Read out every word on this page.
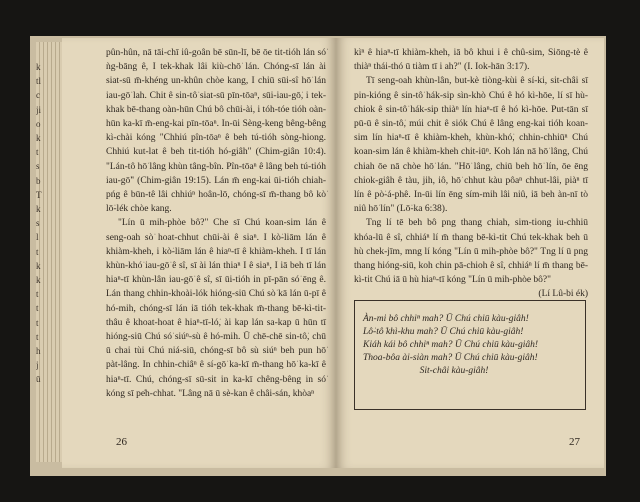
k
tl
c
ji
o
k
t
s
b
T
k
s
l
t
k
k
t
t
t
t
h
j
ū

pûn-hûn, nā tāi-chī iû-goân bē sūn-lī, bē ōe tit-tióh lán só͘ ǹg-bāng ê, I tek-khak lâi kiù-chō͘ lán. Chóng-sī lán ài siat-sū m̄-khéng un-khûn chòe kang, I chiū sūi-sî hō͘ lán iau-gō͘ lah. Chit ê sin-tô͘ siat-sū pīn-tōaⁿ, sūi-iau-gō͘, i tek-khak bē-thang oàn-hūn Chú bô chūi-ài, i tóh-tóe tióh oàn-hūn ka-kī m̄-eng-kai pīn-tōaⁿ. In-ūi Sèng-keng bêng-bêng kì-chài kóng "Chhiú pîn-tōaⁿ ê beh tú-tióh sòng-hiong. Chhiú kut-lat ê beh tit-tióh hó-giâh" (Chim-giân 10:4). "Lán-tô hō͘ lâng khùn tâng-bîn. Pîn-tōaⁿ ê lâng beh tú-tióh iau-gō͘" (Chim-giân 19:15). Lán m̄ eng-kai ūi-tióh chiah-pńg ê būn-tê lâi chhiúⁿ hoân-lō, chóng-sī m̄-thang bô kò͘ lō͘-lék chòe kang.

"Lín ū mih-phòe bô?" Che sī Chú koan-sim lán ê seng-oah sò͘ hoat-chhut chūi-ài ê siaⁿ. I kò͘-liām lán ê khiàm-kheh, i kò͘-liām lán ê hiaⁿ-tī ê khiàm-kheh. I tī lán khùn-khó͘ iau-gō͘ ê sî, sī ài lán thiaⁿ I ê siaⁿ, I iā beh tī lán hiaⁿ-tī khùn-lân iau-gō͘ ê sî, sī ūi-tióh in pī-pān só͘ ēng ê. Lán thang chhin-khoài-lók hióng-siū Chú sò͘ kā lán ū-pī ê hó-mih, chóng-sī lán iā tióh tek-khak m̄-thang bē-kì-tit-thâu ê khoat-hoat ê hiaⁿ-tī-ló͘, ài kap lán sa-kap ū hūn tī hióng-siū Chú só͘ siúⁿ-sù ê hó-mih. Ū chē-chē sin-tô͘, chū ū chai tùi Chú niá-siū, chóng-sī bô sù siúⁿ beh pun hō͘ pàt-lâng. In chhin-chiâⁿ ê sí-gō͘ ka-kī m̄-thang hō͘ ka-kī ê hiaⁿ-tī. Chú, chóng-sī sū-sit in ka-kī chêng-bêng in só͘ kóng sī pe̍h-chhat. "Lâng nā ū sè-kan ê châi-sán, khòaⁿ

26

kìⁿ ê hiaⁿ-tī khiàm-kheh, iā bô khui i ê chû-sim, Siōng-tè ê thiàⁿ thái-thó ū tiàm tī i ah?" (I. Iok-hān 3:17).

Tī seng-oah khùn-lân, but-kè tiòng-kùi ê sí-ki, sit-châi sī pin-kióng ê sin-tô͘ hák-sip sìn-khò Chú ê hó kì-hōe, lí sī hù-chiok ê sin-tô͘ hák-sip thiàⁿ lín hiaⁿ-tī ê hó kì-hōe. Put-tān sī pū-ū ê sin-tô͘, múi chit ê siók Chú ê lâng eng-kai tióh koan-sim lín hiaⁿ-tī ê khiàm-kheh, khùn-khó͘, chhin-chhiūⁿ Chú koan-sim lán ê khiàm-kheh chit-iūⁿ. Koh lán nā hō͘ lâng, Chú chiah ōe nā chòe hō͘ lán. "Hō͘ lâng, chiū beh hō͘ lín, ōe ēng chiok-giâh ê tàu, jih, iô, hō͘ chhut kàu pôaⁿ chhut-lâi, piàⁿ tī lín ê pò͘-á-phê. In-ūi lín ēng sím-mih lâi niû, iā beh àn-nī tò niû hō͘ lín" (Lō͘-ka 6:38).

Tng lí tē beh bô png thang chiah, sim-tiong iu-chhiū khóa-lū ê sî, chhiáⁿ lí m̄ thang bē-kì-tit Chú tek-khak beh ū hù chek-jīm, mng lí kóng "Lín ū mih-phòe bô?" Tng lí ū png thang hióng-siū, koh chin pā-chioh ê sî, chhiáⁿ lí m̄ thang bē-kì-tit Chú iā ū hù hiaⁿ-tī kóng "Lín ū mih-phòe bô?"

(Lí Lû-bi ék)
Àn-mi bô chhiⁿ mah? Ū Chú chiū kàu-giâh!
Lô͘-tô͘ khì-khu mah? Ū Chú chiū kàu-giâh!
Kiáh kái bô chhiⁿ mah? Ū Chú chiū kàu-giâh!
Thoa-bôa ài-siàn mah? Ū Chú chiū kàu-giâh!
Sit-châi kàu-giâh!
27
